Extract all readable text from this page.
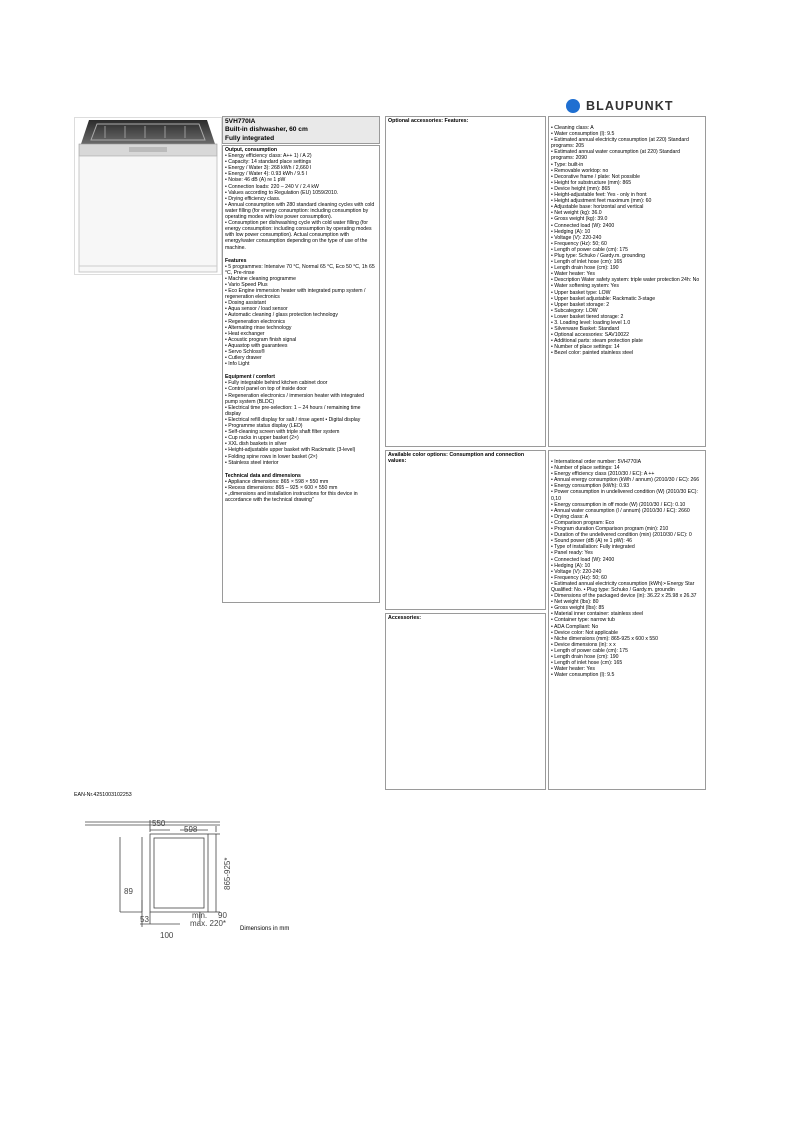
BLAUPUNKT
5VH770IA
Built-in dishwasher, 60 cm
Fully integrated
Output, consumption
• Energy efficiency class: A++ 1) / A 2)
• Capacity: 14 standard place settings
• Energy / Water 3): 268 kWh / 2,660 l
• Energy / Water 4): 0.93 kWh / 9.5 l
• Noise: 46 dB (A) re 1 pW
• Connection loads: 220 – 240 V / 2.4 kW
• Values according to Regulation (EU) 1059/2010.
• Drying efficiency class.
• Annual consumption with 280 standard cleaning cycles with cold water filling (for energy consumption: including consumption by operating modes with low power consumption).
• Consumption per dishwashing cycle with cold water filling (for energy consumption: including consumption by operating modes with low power consumption). Actual consumption with energy/water consumption depending on the type of use of the machine.
Features
• 5 programmes: Intensive 70 °C, Normal 65 °C, Eco 50 °C, 1h 65 °C, Pre-rinse
• Machine cleaning programme
• Vario Speed Plus
• Eco Engine immersion heater with integrated pump system / regeneration electronics
• Dosing assistant
• Aqua sensor / load sensor
• Automatic cleaning / glass protection technology
• Regeneration electronics
• Alternating rinse technology
• Heat exchanger
• Acoustic program finish signal
• Aquastop with guarantees
• Servo Schloss®
• Cutlery drawer
• Info Light
Equipment / comfort
• Fully integrable behind kitchen cabinet door
• Control panel on top of inside door
• Regeneration electronics / immersion heater with integrated pump system (BLDC)
• Electrical time pre-selection: 1 – 24 hours / remaining time display
• Electrical refill display for salt / rinse agent • Digital display
• Programme status display (LED)
• Self-cleaning screen with triple shaft filter system
• Cup racks in upper basket (2×)
• XXL dish baskets in silver
• Height-adjustable upper basket with Rackmatic (3-level)
• Folding spine rows in lower basket (2×)
• Stainless steel interior
Technical data and dimensions
• Appliance dimensions: 865 × 598 × 550 mm
• Recess dimensions: 865 – 925 × 600 × 550 mm
• „dimensions and installation instructions for this device in accordance with the technical drawing"
Optional accessories: Features:
• Cleaning class: A
• Water consumption (l): 9.5
• Estimated annual electricity consumption (at 220) Standard programs: 205
• Estimated annual water consumption (at 220) Standard programs: 2090
• Type: built-in
• Removable worktop: no
• Decorative frame / plate: Not possible
• Height for substructure (mm): 865
• Device height (mm): 865
• Height-adjustable feet: Yes - only in front
• Height adjustment feet maximum (mm): 60
• Adjustable base: horizontal and vertical
• Net weight (kg): 36.0
• Gross weight (kg): 39.0
• Connected load (W): 2400
• Hedging (A): 10
• Voltage (V): 220-240
• Frequency (Hz): 50; 60
• Length of power cable (cm): 175
• Plug type: Schuko / Gardy.m. grounding
• Length of inlet hose (cm): 165
• Length drain hose (cm): 190
• Water heater: Yes
• Description Water safety system: triple water protection 24h: No
• Water softening system: Yes
• Upper basket type: LOW
• Upper basket adjustable: Rackmatic 3-stage
• Upper basket storage: 2
• Subcategory: LOW
• Lower basket tiered storage: 2
• 3. Loading level: loading level 1.0
• Silverware Basket: Standard
• Optional accessories: SAV10022
• Additional parts: steam protection plate
• Number of place settings: 14
• Bezel color: painted stainless steel
Available color options: Consumption and connection values:	• International order number: 5VH770IA
• Number of place settings: 14
• Energy efficiency class (2010/30 / EC): A ++
• Annual energy consumption (kWh / annum) (2010/30 / EC): 266
• Energy consumption (kWh): 0.93
• Power consumption in undelivered condition (W) (2010/30 EC): 0,10
• Energy consumption in off mode (W) (2010/30 / EC): 0.10
• Annual water consumption (l / annum) (2010/30 / EC): 2660
• Drying class: A
• Comparison program: Eco
• Program duration Comparison program (min): 210
• Duration of the undelivered condition (min) (2010/30 / EC): 0
• Sound power (dB (A) re 1 pW): 46
• Type of installation: Fully integrated
• Panel ready: Yes
• Connected load (W): 2400
• Hedging (A): 10
• Voltage (V): 220-240
• Frequency (Hz): 50; 60
• Estimated annual electricity consumption (kWh):• Energy Star Qualified: No. • Plug type: Schuko / Gardy.m. groundin
• Dimensions of the packaged device (in): 36.22 x 25.98 x 26.37
• Net weight (lbs): 80
• Gross weight (lbs): 85
• Material inner container: stainless steel
• Container type: narrow tub
• ADA Compliant: No
• Device color: Not applicable
• Niche dimensions (mm): 865-925 x 600 x 550
• Device dimensions (in): x x
• Length of power cable (cm): 175
• Length drain hose (cm): 190
• Length of inlet hose (cm): 165
• Water heater: Yes
• Water consumption (l): 9.5
Accessories:
EAN-Nr.4251003102253
550
598
865-925*
89
53
100
min. 90
max. 220*
Dimensions in mm
